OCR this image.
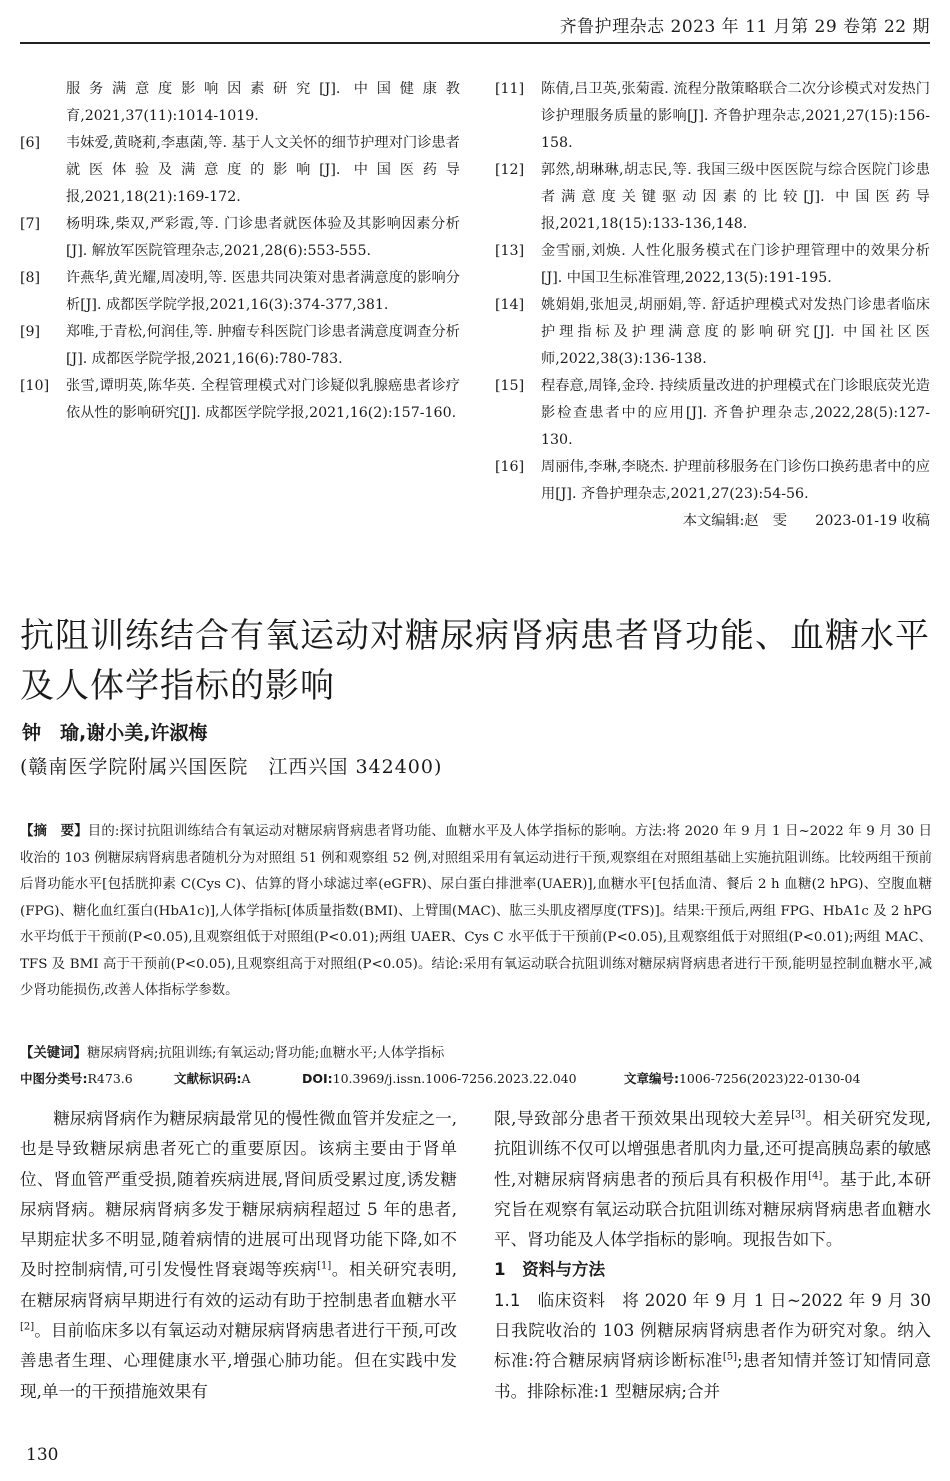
齐鲁护理杂志 2023 年 11 月第 29 卷第 22 期
服务满意度影响因素研究[J]. 中国健康教育,2021,37(11):1014-1019.
[6] 韦妹爱,黄晓莉,李惠菌,等. 基于人文关怀的细节护理对门诊患者就医体验及满意度的影响[J]. 中国医药导报,2021,18(21):169-172.
[7] 杨明珠,柴双,严彩霞,等. 门诊患者就医体验及其影响因素分析[J]. 解放军医院管理杂志,2021,28(6):553-555.
[8] 许燕华,黄光耀,周凌明,等. 医患共同决策对患者满意度的影响分析[J]. 成都医学院学报,2021,16(3):374-377,381.
[9] 郑唯,于青松,何润佳,等. 肿瘤专科医院门诊患者满意度调查分析[J]. 成都医学院学报,2021,16(6):780-783.
[10] 张雪,谭明英,陈华英. 全程管理模式对门诊疑似乳腺癌患者诊疗依从性的影响研究[J]. 成都医学院学报,2021,16(2):157-160.
[11] 陈倩,吕卫英,张菊霞. 流程分散策略联合二次分诊模式对发热门诊护理服务质量的影响[J]. 齐鲁护理杂志,2021,27(15):156-158.
[12] 郭然,胡琳琳,胡志民,等. 我国三级中医医院与综合医院门诊患者满意度关键驱动因素的比较[J]. 中国医药导报,2021,18(15):133-136,148.
[13] 金雪丽,刘焕. 人性化服务模式在门诊护理管理中的效果分析[J]. 中国卫生标准管理,2022,13(5):191-195.
[14] 姚娟娟,张旭灵,胡丽娟,等. 舒适护理模式对发热门诊患者临床护理指标及护理满意度的影响研究[J]. 中国社区医师,2022,38(3):136-138.
[15] 程春意,周锋,金玲. 持续质量改进的护理模式在门诊眼底荧光造影检查患者中的应用[J]. 齐鲁护理杂志,2022,28(5):127-130.
[16] 周丽伟,李琳,李晓杰. 护理前移服务在门诊伤口换药患者中的应用[J]. 齐鲁护理杂志,2021,27(23):54-56.
本文编辑:赵　雯　　2023-01-19 收稿
抗阻训练结合有氧运动对糖尿病肾病患者肾功能、血糖水平及人体学指标的影响
钟　瑜,谢小美,许淑梅
(赣南医学院附属兴国医院　江西兴国 342400)
【摘　要】目的:探讨抗阻训练结合有氧运动对糖尿病肾病患者肾功能、血糖水平及人体学指标的影响。方法:将 2020 年 9 月 1 日~2022 年 9 月 30 日收治的 103 例糖尿病肾病患者随机分为对照组 51 例和观察组 52 例,对照组采用有氧运动进行干预,观察组在对照组基础上实施抗阻训练。比较两组干预前后肾功能水平[包括胱抑素 C(Cys C)、估算的肾小球滤过率(eGFR)、尿白蛋白排泄率(UAER)],血糖水平[包括血清、餐后 2 h 血糖(2 hPG)、空腹血糖(FPG)、糖化血红蛋白(HbA1c)],人体学指标[体质量指数(BMI)、上臂围(MAC)、肱三头肌皮褶厚度(TFS)]。结果:干预后,两组 FPG、HbA1c 及 2 hPG 水平均低于干预前(P<0.05),且观察组低于对照组(P<0.01);两组 UAER、Cys C 水平低于干预前(P<0.05),且观察组低于对照组(P<0.01);两组 MAC、TFS 及 BMI 高于干预前(P<0.05),且观察组高于对照组(P<0.05)。结论:采用有氧运动联合抗阻训练对糖尿病肾病患者进行干预,能明显控制血糖水平,减少肾功能损伤,改善人体指标学参数。
【关键词】糖尿病肾病;抗阻训练;有氧运动;肾功能;血糖水平;人体学指标
中图分类号:R473.6	文献标识码:A	DOI:10.3969/j.issn.1006-7256.2023.22.040	文章编号:1006-7256(2023)22-0130-04

糖尿病肾病作为糖尿病最常见的慢性微血管并发症之一,也是导致糖尿病患者死亡的重要原因。该病主要由于肾单位、肾血管严重受损,随着疾病进展,肾间质受累过度,诱发糖尿病肾病。糖尿病肾病多发于糖尿病病程超过 5 年的患者,早期症状多不明显,随着病情的进展可出现肾功能下降,如不及时控制病情,可引发慢性肾衰竭等疾病[1]。相关研究表明,在糖尿病肾病早期进行有效的运动有助于控制患者血糖水平[2]。目前临床多以有氧运动对糖尿病肾病患者进行干预,可改善患者生理、心理健康水平,增强心肺功能。但在实践中发现,单一的干预措施效果有

限,导致部分患者干预效果出现较大差异[3]。相关研究发现,抗阻训练不仅可以增强患者肌肉力量,还可提高胰岛素的敏感性,对糖尿病肾病患者的预后具有积极作用[4]。基于此,本研究旨在观察有氧运动联合抗阻训练对糖尿病肾病患者血糖水平、肾功能及人体学指标的影响。现报告如下。

1　资料与方法

1.1　临床资料　 将 2020 年 9 月 1 日~2022 年 9 月 30 日我院收治的 103 例糖尿病肾病患者作为研究对象。纳入标准:符合糖尿病肾病诊断标准[5];患者知情并签订知情同意书。排除标准:1 型糖尿病;合并

130
